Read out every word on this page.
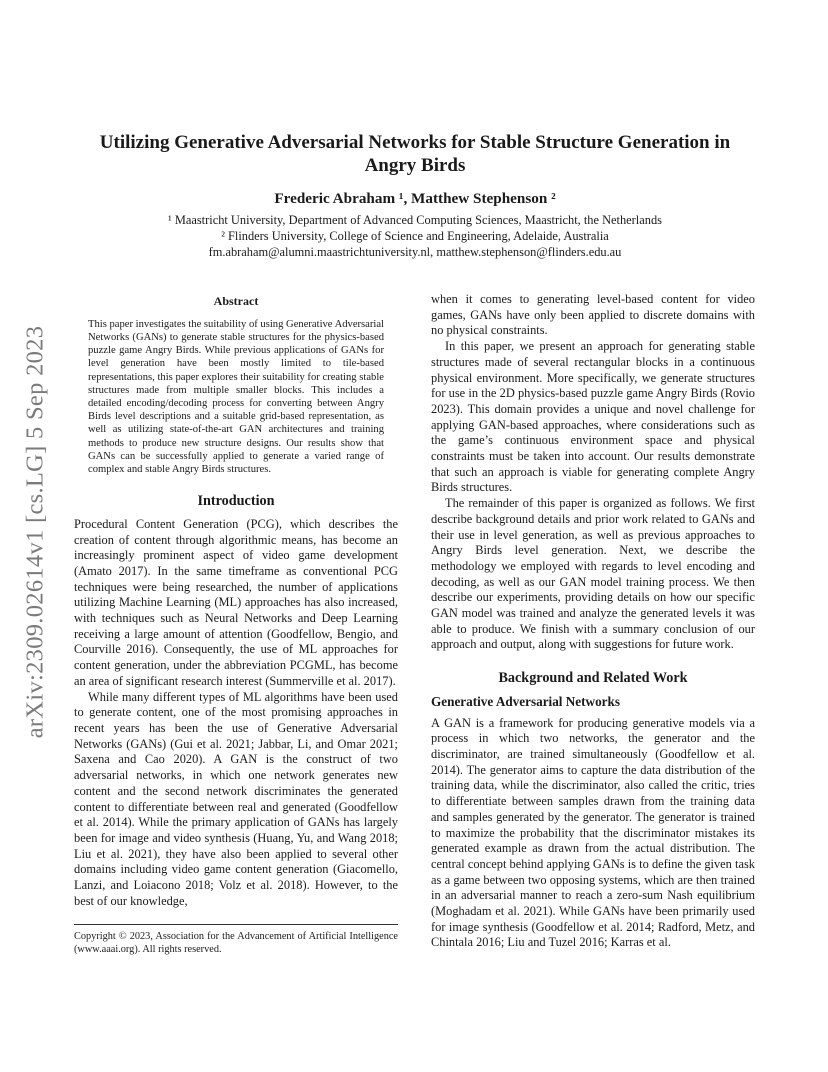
arXiv:2309.02614v1 [cs.LG] 5 Sep 2023
Utilizing Generative Adversarial Networks for Stable Structure Generation in Angry Birds
Frederic Abraham ¹, Matthew Stephenson ²
¹ Maastricht University, Department of Advanced Computing Sciences, Maastricht, the Netherlands
² Flinders University, College of Science and Engineering, Adelaide, Australia
fm.abraham@alumni.maastrichtuniversity.nl, matthew.stephenson@flinders.edu.au
Abstract

This paper investigates the suitability of using Generative Adversarial Networks (GANs) to generate stable structures for the physics-based puzzle game Angry Birds. While previous applications of GANs for level generation have been mostly limited to tile-based representations, this paper explores their suitability for creating stable structures made from multiple smaller blocks. This includes a detailed encoding/decoding process for converting between Angry Birds level descriptions and a suitable grid-based representation, as well as utilizing state-of-the-art GAN architectures and training methods to produce new structure designs. Our results show that GANs can be successfully applied to generate a varied range of complex and stable Angry Birds structures.

Introduction

Procedural Content Generation (PCG), which describes the creation of content through algorithmic means, has become an increasingly prominent aspect of video game development (Amato 2017). In the same timeframe as conventional PCG techniques were being researched, the number of applications utilizing Machine Learning (ML) approaches has also increased, with techniques such as Neural Networks and Deep Learning receiving a large amount of attention (Goodfellow, Bengio, and Courville 2016). Consequently, the use of ML approaches for content generation, under the abbreviation PCGML, has become an area of significant research interest (Summerville et al. 2017).

While many different types of ML algorithms have been used to generate content, one of the most promising approaches in recent years has been the use of Generative Adversarial Networks (GANs) (Gui et al. 2021; Jabbar, Li, and Omar 2021; Saxena and Cao 2020). A GAN is the construct of two adversarial networks, in which one network generates new content and the second network discriminates the generated content to differentiate between real and generated (Goodfellow et al. 2014). While the primary application of GANs has largely been for image and video synthesis (Huang, Yu, and Wang 2018; Liu et al. 2021), they have also been applied to several other domains including video game content generation (Giacomello, Lanzi, and Loiacono 2018; Volz et al. 2018). However, to the best of our knowledge,

Copyright © 2023, Association for the Advancement of Artificial Intelligence (www.aaai.org). All rights reserved.

when it comes to generating level-based content for video games, GANs have only been applied to discrete domains with no physical constraints.

In this paper, we present an approach for generating stable structures made of several rectangular blocks in a continuous physical environment. More specifically, we generate structures for use in the 2D physics-based puzzle game Angry Birds (Rovio 2023). This domain provides a unique and novel challenge for applying GAN-based approaches, where considerations such as the game’s continuous environment space and physical constraints must be taken into account. Our results demonstrate that such an approach is viable for generating complete Angry Birds structures.

The remainder of this paper is organized as follows. We first describe background details and prior work related to GANs and their use in level generation, as well as previous approaches to Angry Birds level generation. Next, we describe the methodology we employed with regards to level encoding and decoding, as well as our GAN model training process. We then describe our experiments, providing details on how our specific GAN model was trained and analyze the generated levels it was able to produce. We finish with a summary conclusion of our approach and output, along with suggestions for future work.

Background and Related Work
Generative Adversarial Networks

A GAN is a framework for producing generative models via a process in which two networks, the generator and the discriminator, are trained simultaneously (Goodfellow et al. 2014). The generator aims to capture the data distribution of the training data, while the discriminator, also called the critic, tries to differentiate between samples drawn from the training data and samples generated by the generator. The generator is trained to maximize the probability that the discriminator mistakes its generated example as drawn from the actual distribution. The central concept behind applying GANs is to define the given task as a game between two opposing systems, which are then trained in an adversarial manner to reach a zero-sum Nash equilibrium (Moghadam et al. 2021). While GANs have been primarily used for image synthesis (Goodfellow et al. 2014; Radford, Metz, and Chintala 2016; Liu and Tuzel 2016; Karras et al.
